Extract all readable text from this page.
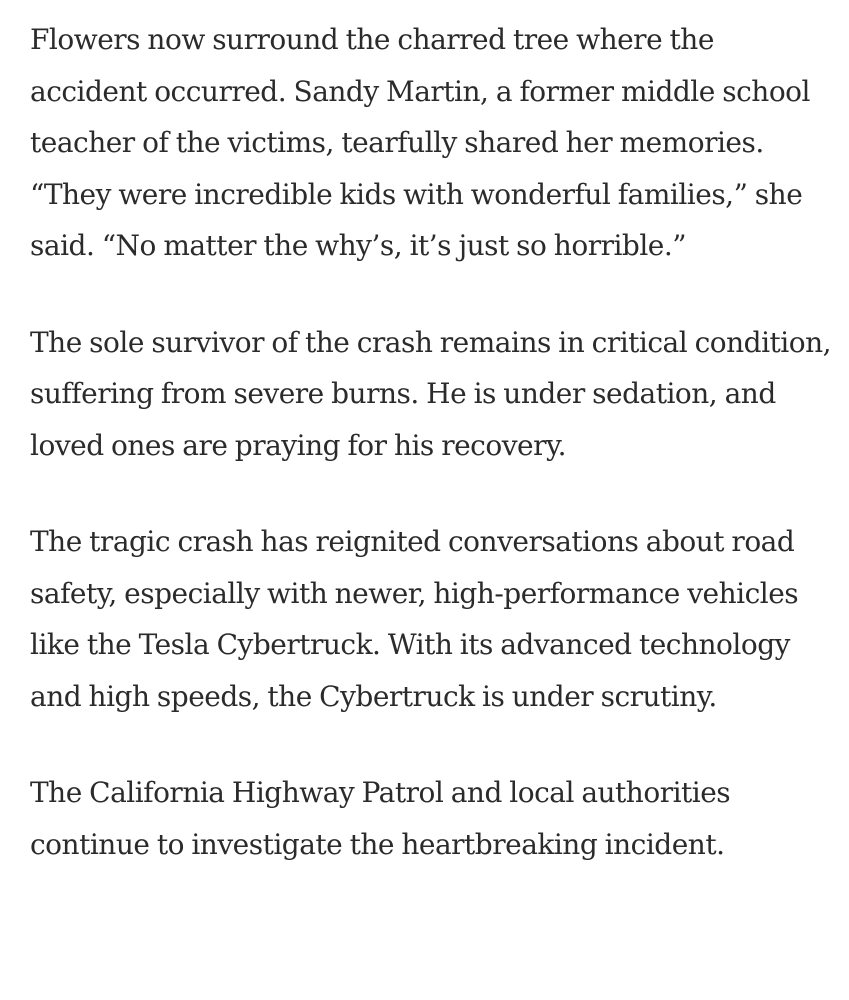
Flowers now surround the charred tree where the accident occurred. Sandy Martin, a former middle school teacher of the victims, tearfully shared her memories. “They were incredible kids with wonderful families,” she said. “No matter the why’s, it’s just so horrible.”

The sole survivor of the crash remains in critical condition, suffering from severe burns. He is under sedation, and loved ones are praying for his recovery.

The tragic crash has reignited conversations about road safety, especially with newer, high-performance vehicles like the Tesla Cybertruck. With its advanced technology and high speeds, the Cybertruck is under scrutiny.

The California Highway Patrol and local authorities continue to investigate the heartbreaking incident.
